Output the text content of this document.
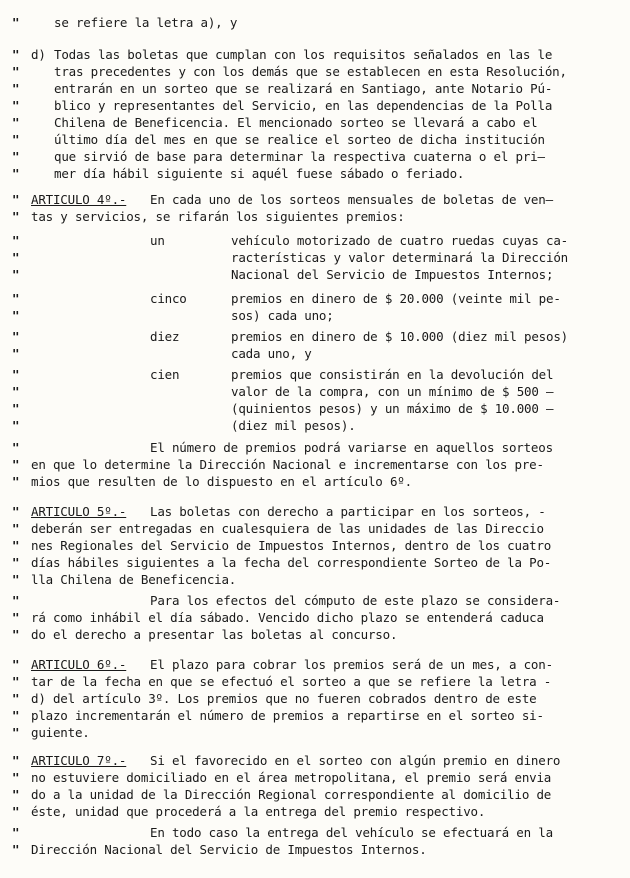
"	se refiere la letra a), y
" d) Todas las boletas que cumplan con los requisitos señalados en las le
"	tras precedentes y con los demás que se establecen en esta Resolución,
"	entrarán en un sorteo que se realizará en Santiago, ante Notario Pú-
"	blico y representantes del Servicio, en las dependencias de la Polla
"	Chilena de Beneficencia. El mencionado sorteo se llevará a cabo el
"	último día del mes en que se realice el sorteo de dicha institución
"	que sirvió de base para determinar la respectiva cuaterna o el pri—
"	mer día hábil siguiente si aquél fuese sábado o feriado.
" ARTICULO 4º.- En cada uno de los sorteos mensuales de boletas de ven—
" tas y servicios, se rifarán los siguientes premios:
"	un	vehículo motorizado de cuatro ruedas cuyas ca-
"	racterísticas y valor determinará la Dirección
"	Nacional del Servicio de Impuestos Internos;
"	cinco	premios en dinero de $ 20.000 (veinte mil pe-
"	sos) cada uno;
"	diez	premios en dinero de $ 10.000 (diez mil pesos)
"	cada uno, y
"	cien	premios que consistirán en la devolución del
"	valor de la compra, con un mínimo de $ 500 —
"	(quinientos pesos) y un máximo de $ 10.000 —
"	(diez mil pesos).
"	El número de premios podrá variarse en aquellos sorteos
" en que lo determine la Dirección Nacional e incrementarse con los pre-
" mios que resulten de lo dispuesto en el artículo 6º.
" ARTICULO 5º.- Las boletas con derecho a participar en los sorteos, -
" deberán ser entregadas en cualesquiera de las unidades de las Direccio
" nes Regionales del Servicio de Impuestos Internos, dentro de los cuatro
" días hábiles siguientes a la fecha del correspondiente Sorteo de la Po-
" lla Chilena de Beneficencia.
"	Para los efectos del cómputo de este plazo se considera-
" rá como inhábil el día sábado. Vencido dicho plazo se entenderá caduca
" do el derecho a presentar las boletas al concurso.
" ARTICULO 6º.- El plazo para cobrar los premios será de un mes, a con-
" tar de la fecha en que se efectuó el sorteo a que se refiere la letra -
" d) del artículo 3º. Los premios que no fueren cobrados dentro de este
" plazo incrementarán el número de premios a repartirse en el sorteo si-
" guiente.
" ARTICULO 7º.- Si el favorecido en el sorteo con algún premio en dinero
" no estuviere domiciliado en el área metropolitana, el premio será envia
" do a la unidad de la Dirección Regional correspondiente al domicilio de
" éste, unidad que procederá a la entrega del premio respectivo.
"	En todo caso la entrega del vehículo se efectuará en la
" Dirección Nacional del Servicio de Impuestos Internos.
